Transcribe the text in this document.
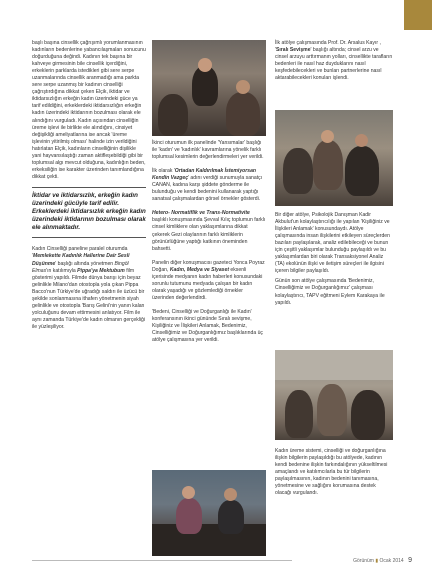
başlı başına cinsellik çağrışımlı yorumlanmasının kadınların bedenlerine yabancılaşmaları sonucunu doğurduğuna değindi. Kadının tek başına bir kahveye girmesinin bile cinsellik içerdiğini, erkeklerin parklarda istedikleri gibi sere serpe uzanmalarında cinsellik aranmadığı ama parkta sere serpe uzanmış bir kadının cinselliği çağrıştırdığına dikkat çeken Elçik, iktidar ve iktidarsızlığın erkeğin kadın üzerindeki güce ya tarif edildiğini, erkeklerdeki iktidarsızlığın erkeğin kadın üzerindeki iktidarının bozulması olarak ele alındığını vurguladı. Kadın açısından cinselliğin üreme işlevi ile birlikte ele alındığını, cinsiyet değişikliği ameliyatlarına ise ancak 'üreme işlevinin yitirilmiş olması' halinde izin verildiğini hatırlatan Elçik, kadınların cinselliğinin dişilikle yani hayvansılaştığı zaman aktifleşebildiği gibi bir toplumsal algı mevcut olduğuna, kadınlığın beden, erkeksiliğin ise karakter üzerinden tanımlandığına dikkat çekti.

İktidar ve iktidarsızlık, erkeğin kadın üzerindeki gücüyle tarif edilir. Erkeklerdeki iktidarsızlık erkeğin kadın üzerindeki iktidarının bozulması olarak ele alınmaktadır.

Kadın Cinselliği paneline paralel oturumda 'Memlekette Kadınlık Hallerine Dair Sesli Düşünme' başlığı altında yönetmen Bingöl Elmas'ın katılımıyla Pippa'ya Mektubum film gösterimi yapıldı. Filmde dünya barışı için beyaz gelinlikle Milano'dan otostopla yola çıkan Pippa Bacco'nun Türkiye'de uğradığı saldırı ile üzücü bir şekilde sonlanmasına ithafen yönetmenin siyah gelinlikle ve otostopla 'Barış Gelini'nin yanın kalan yolculuğunu devam ettirmesini anlatıyor. Film ile aynı zamanda Türkiye'de kadın olmanın gerçekliği ile yüzleşiliyor.

İkinci oturumun ilk panelinde 'Yansımalar' başlığı ile 'kadın' ve 'kadınlık' kavramlarına yönelik farklı toplumsal kesimlerin değerlendirmeleri yer verildi.

İlk olarak 'Ortadan Kaldırılmak İstemiyorsan Kendin Vazgeç' adını verdiği sunumuyla sanatçı CANAN, kadına karşı şiddete gönderme ile bulunduğu ve kendi bedenini kullanarak yaptığı sanatsal çalışmalardan görsel örnekler gösterdi.

Hetero- Normatiflik ve Trans-Normativite başlıklı konuşmasında Şevval Kılıç toplumun farklı cinsel kimliklere olan yaklaşımlarına dikkat çekerek Gezi olaylarının farklı kimliklerin görünürlüğüne yaptığı katkının öneminden bahsetti.

Panelin diğer konuşmacısı gazeteci Yonca Poyraz Doğan, Kadın, Medya ve Siyaset eksenli içerisinde medyanın kadın haberleri konusundaki sorunlu tutumunu medyada çalışan bir kadın olarak yaşadığı ve gözlemlediği örnekler üzerinden değerlendirdi.

'Bedeni, Cinselliği ve Doğurganlığı ile Kadın' konferansının ikinci gününde Sıralı sevişme, Kişiliğiniz ve İlişkileri Anlamak, Bedenimiz, Cinselliğimiz ve Doğurganlığımız başlıklarında üç atölye çalışmasına yer verildi.

İlk atölye çalışmasında Prof. Dr. Arsalus Kayır , 'Sıralı Sevişme' başlığı altında; cinsel arzu ve cinsel arzuyu arttırmanın yolları, cinsellikte tarafların bedenleri ile nasıl haz duyduklarını nasıl keşfedebilecekleri ve bunları partnerlerine nasıl aktarabilecekleri konuları işlendi.

Bir diğer atölye, Psikolojik Danışman Kadir Akbulut'un kolaylaştırıcılığı ile yapılan 'Kişiliğiniz ve İlişkileri Anlamak' konusundaydı. Atölye çalışmasında insan ilişkilerini etkileyen süreçlerden bazıları paylaşılarak, analiz edilebileceği ve bunun için çeşitli yaklaşımlar bulunduğu paylaşıldı ve bu yaklaşımlardan biri olarak Transaksiyonel Analiz (TA) ekolünün ilişki ve iletişim süreçleri ile ilgisini içeren bilgiler paylaşıldı.

Günün son atölye çalışmasında 'Bedenimiz, Cinselliğimiz ve Doğurganlığımız' çalışması kolaylaştırıcı, TAPV eğitmeni Eylem Karakaya ile yapıldı.

Kadın üreme sistemi, cinselliği ve doğurganlığına ilişkin bilgilerin paylaşıldığı bu atölyede, kadının kendi bedenine ilişkin farkındalığının yükseltilmesi amaçlandı ve katılımcılarla bu tür bilgilerin paylaşılmasının, kadının bedenini tanımasına, yönetmesine ve sağlığını korumasına destek olacağı vurgulandı.

Görünüm ▮ Ocak 2014 9
